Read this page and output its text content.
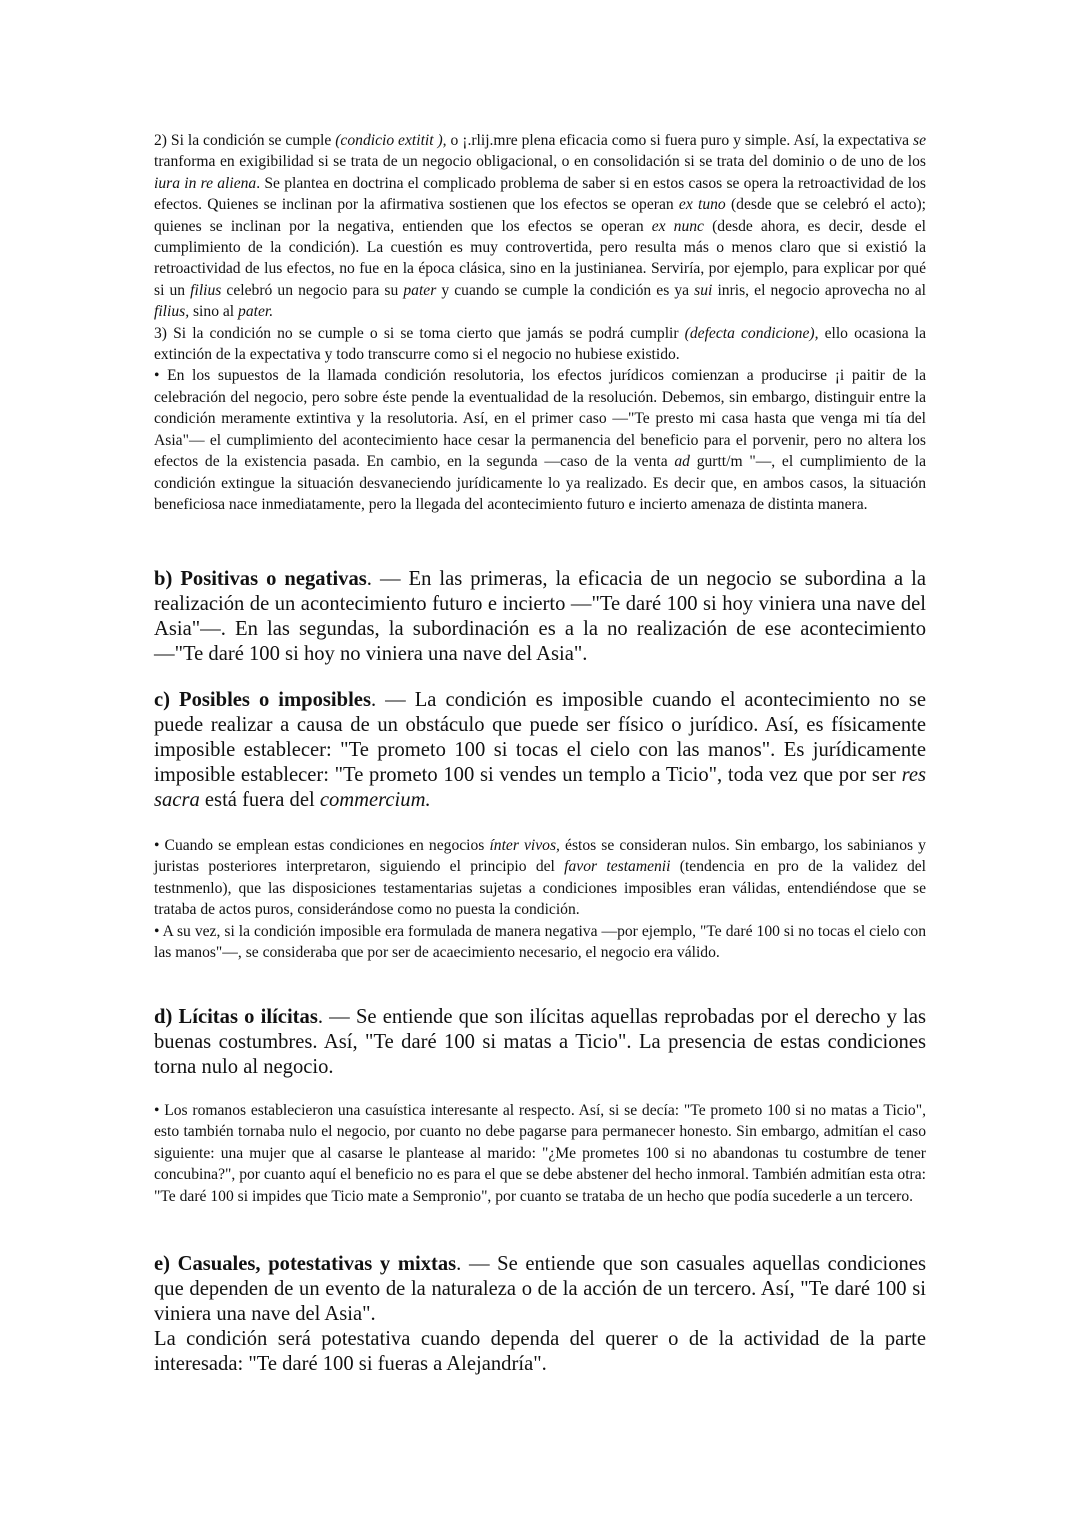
2) Si la condición se cumple (condicio extitit ), o ¡.rlij.mre plena eficacia como si fuera puro y simple. Así, la expectativa se tranforma en exigibilidad si se trata de un negocio obligacional, o en consolidación si se trata del dominio o de uno de los iura in re aliena. Se plantea en doctrina el complicado problema de saber si en estos casos se opera la retroactividad de los efectos. Quienes se inclinan por la afirmativa sostienen que los efectos se operan ex tuno (desde que se celebró el acto); quienes se inclinan por la negativa, entienden que los efectos se operan ex nunc (desde ahora, es decir, desde el cumplimiento de la condición). La cuestión es muy controvertida, pero resulta más o menos claro que si existió la retroactividad de lus efectos, no fue en la época clásica, sino en la justinianea. Serviría, por ejemplo, para explicar por qué si un filius celebró un negocio para su pater y cuando se cumple la condición es ya sui inris, el negocio aprovecha no al filius, sino al pater.

3) Si la condición no se cumple o si se toma cierto que jamás se podrá cumplir (defecta condicione), ello ocasiona la extinción de la expectativa y todo transcurre como si el negocio no hubiese existido.

• En los supuestos de la llamada condición resolutoria, los efectos jurídicos comienzan a producirse ¡i paitir de la celebración del negocio, pero sobre éste pende la eventualidad de la resolución. Debemos, sin embargo, distinguir entre la condición meramente extintiva y la resolutoria. Así, en el primer caso —"Te presto mi casa hasta que venga mi tía del Asia"— el cumplimiento del acontecimiento hace cesar la permanencia del beneficio para el porvenir, pero no altera los efectos de la existencia pasada. En cambio, en la segunda —caso de la venta ad gurtt/m "—, el cumplimiento de la condición extingue la situación desvaneciendo jurídicamente lo ya realizado. Es decir que, en ambos casos, la situación beneficiosa nace inmediatamente, pero la llegada del acontecimiento futuro e incierto amenaza de distinta manera.

b) Positivas o negativas. — En las primeras, la eficacia de un negocio se subordina a la realización de un acontecimiento futuro e incierto —"Te daré 100 si hoy viniera una nave del Asia"—. En las segundas, la subordinación es a la no realización de ese acontecimiento —"Te daré 100 si hoy no viniera una nave del Asia".

c) Posibles o imposibles. — La condición es imposible cuando el acontecimiento no se puede realizar a causa de un obstáculo que puede ser físico o jurídico. Así, es físicamente imposible establecer: "Te prometo 100 si tocas el cielo con las manos". Es jurídicamente imposible establecer: "Te prometo 100 si vendes un templo a Ticio", toda vez que por ser res sacra está fuera del commercium.

• Cuando se emplean estas condiciones en negocios ínter vivos, éstos se consideran nulos. Sin embargo, los sabinianos y juristas posteriores interpretaron, siguiendo el principio del favor testamenii (tendencia en pro de la validez del testnmenlo), que las disposiciones testamentarias sujetas a condiciones imposibles eran válidas, entendiéndose que se trataba de actos puros, considerándose como no puesta la condición.

• A su vez, si la condición imposible era formulada de manera negativa —por ejemplo, "Te daré 100 si no tocas el cielo con las manos"—, se consideraba que por ser de acaecimiento necesario, el negocio era válido.

d) Lícitas o ilícitas. — Se entiende que son ilícitas aquellas reprobadas por el derecho y las buenas costumbres. Así, "Te daré 100 si matas a Ticio". La presencia de estas condiciones torna nulo al negocio.

• Los romanos establecieron una casuística interesante al respecto. Así, si se decía: "Te prometo 100 si no matas a Ticio", esto también tornaba nulo el negocio, por cuanto no debe pagarse para permanecer honesto. Sin embargo, admitían el caso siguiente: una mujer que al casarse le plantease al marido: "¿Me prometes 100 si no abandonas tu costumbre de tener concubina?", por cuanto aquí el beneficio no es para el que se debe abstener del hecho inmoral. También admitían esta otra: "Te daré 100 si impides que Ticio mate a Sempronio", por cuanto se trataba de un hecho que podía sucederle a un tercero.

e) Casuales, potestativas y mixtas. — Se entiende que son casuales aquellas condiciones que dependen de un evento de la naturaleza o de la acción de un tercero. Así, "Te daré 100 si viniera una nave del Asia".

La condición será potestativa cuando dependa del querer o de la actividad de la parte interesada: "Te daré 100 si fueras a Alejandría".
